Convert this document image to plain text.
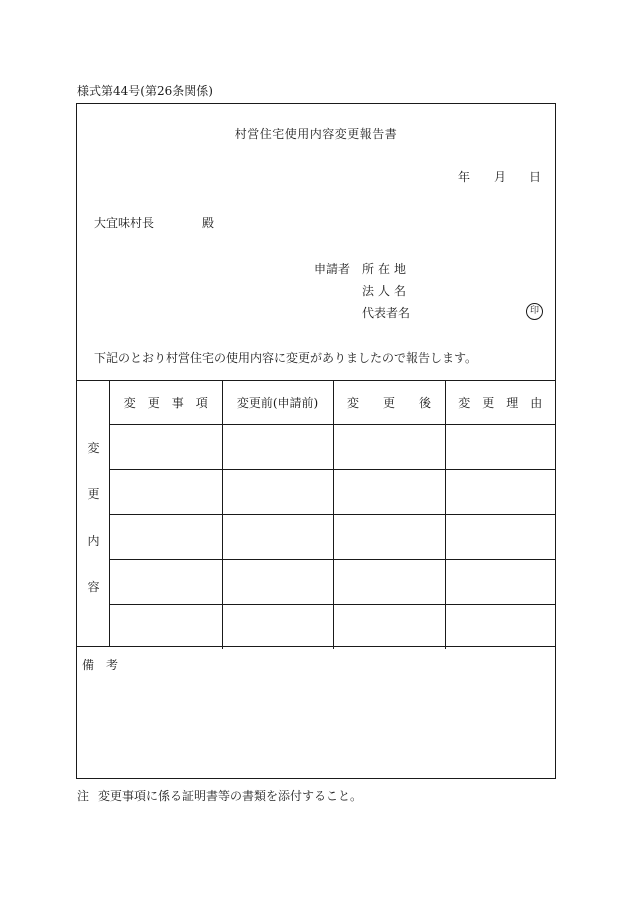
様式第44号(第26条関係)
村営住宅使用内容変更報告書
年 月 日
大宜味村長	殿
申請者 所在地
法人名
代表者名	印
下記のとおり村営住宅の使用内容に変更がありましたので報告します。
変
更
内
容
変　更　事　項	変更前(申請前)	変　　更　　後	変　更　理　由

備考
注 変更事項に係る証明書等の書類を添付すること。
